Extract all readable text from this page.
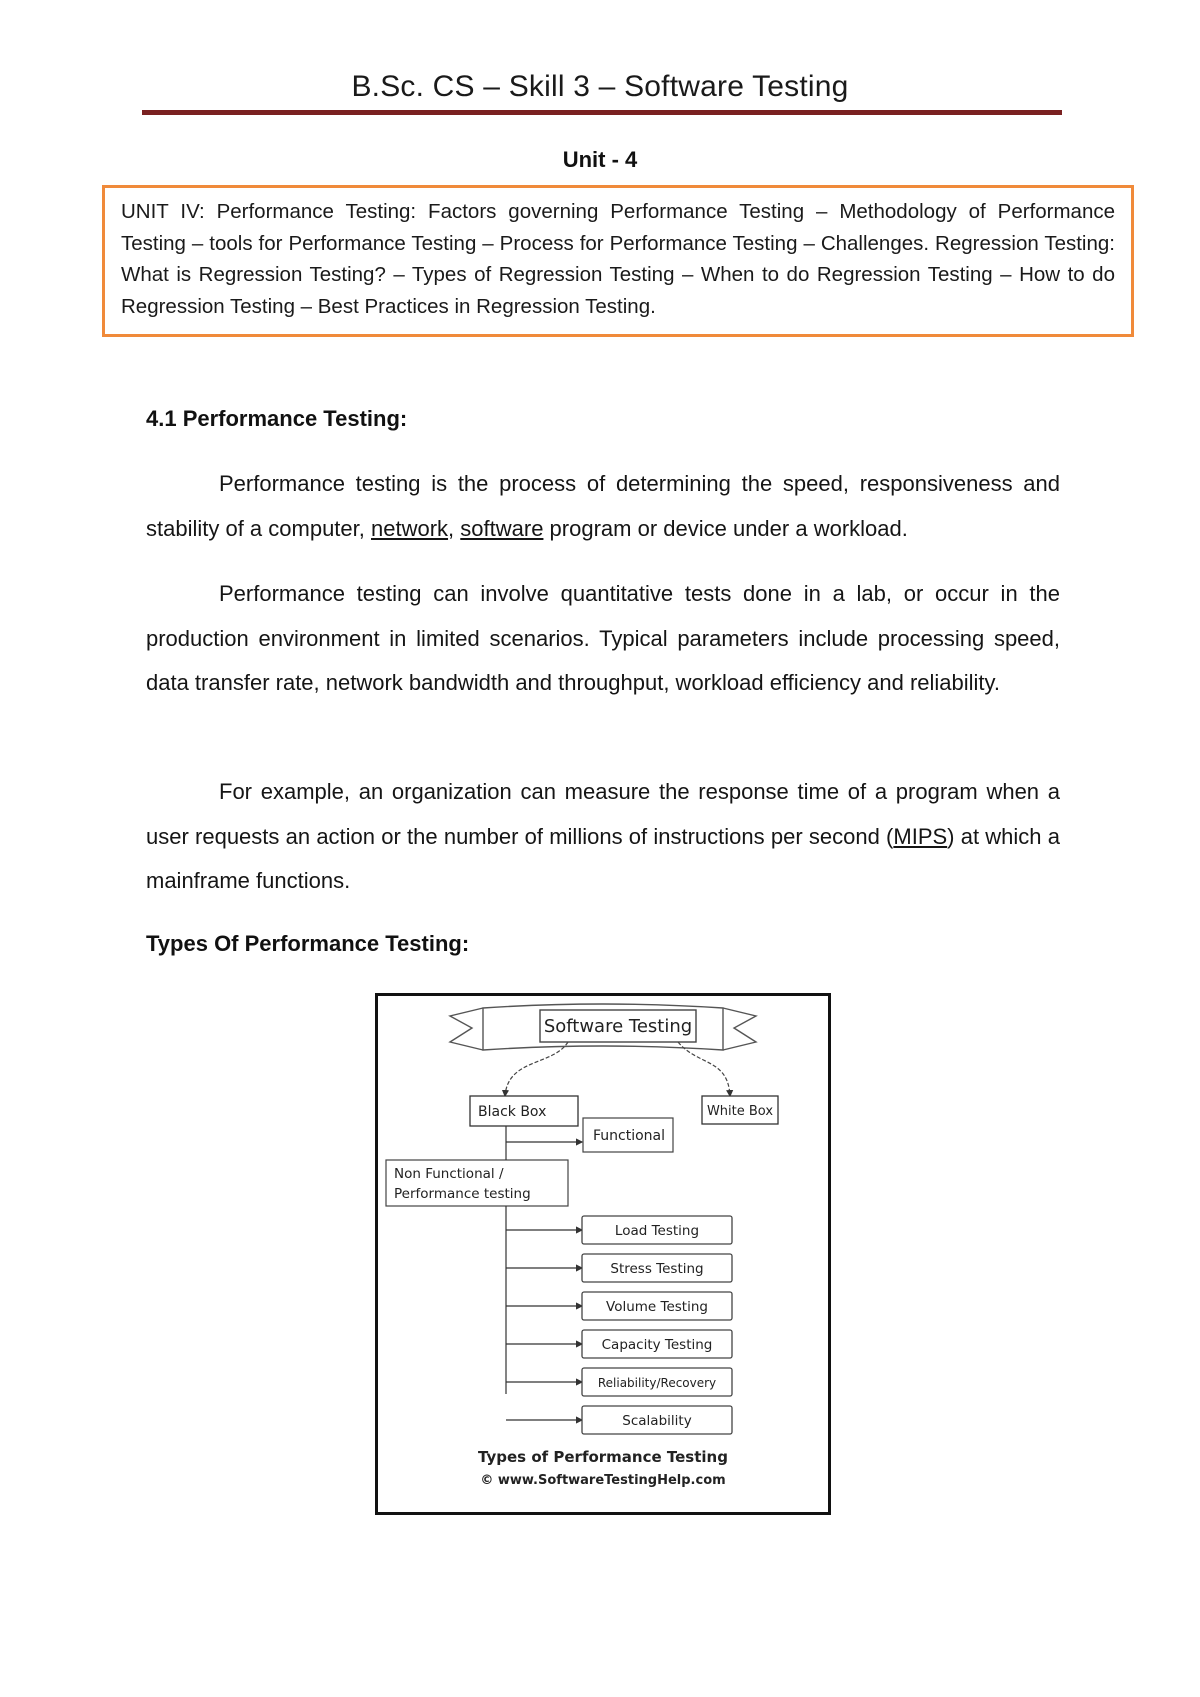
B.Sc. CS – Skill 3 – Software Testing
Unit - 4
UNIT IV: Performance Testing: Factors governing Performance Testing – Methodology of Performance Testing – tools for Performance Testing – Process for Performance Testing – Challenges. Regression Testing: What is Regression Testing? – Types of Regression Testing – When to do Regression Testing – How to do Regression Testing – Best Practices in Regression Testing.
4.1 Performance Testing:
Performance testing is the process of determining the speed, responsiveness and stability of a computer, network, software program or device under a workload.
Performance testing can involve quantitative tests done in a lab, or occur in the production environment in limited scenarios. Typical parameters include processing speed, data transfer rate, network bandwidth and throughput, workload efficiency and reliability.
For example, an organization can measure the response time of a program when a user requests an action or the number of millions of instructions per second (MIPS) at which a mainframe functions.
Types Of Performance Testing:
Software Testing
Black Box	White Box
Functional
Non Functional /
Performance testing
Load Testing
Stress Testing
Volume Testing
Capacity Testing
Reliability/Recovery
Scalability
Types of Performance Testing
© www.SoftwareTestingHelp.com
